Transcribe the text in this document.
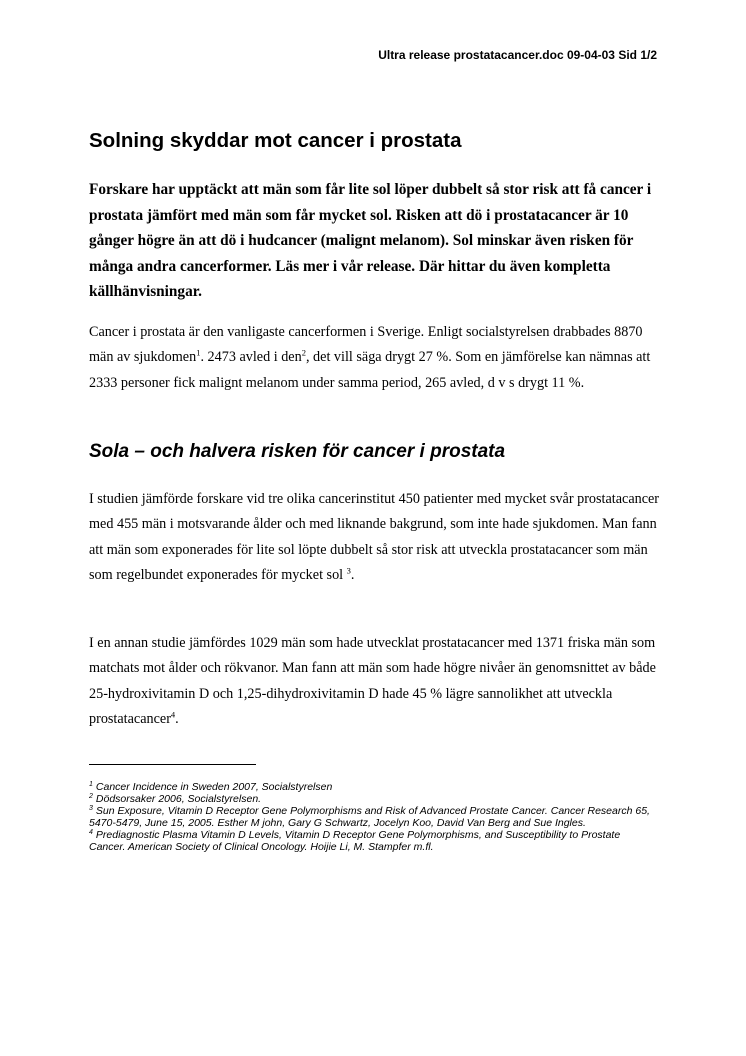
Ultra release prostatacancer.doc 09-04-03 Sid 1/2
Solning skyddar mot cancer i prostata

Forskare har upptäckt att män som får lite sol löper dubbelt så stor risk att få cancer i prostata jämfört med män som får mycket sol. Risken att dö i prostatacancer är 10 gånger högre än att dö i hudcancer (malignt melanom). Sol minskar även risken för många andra cancerformer. Läs mer i vår release. Där hittar du även kompletta källhänvisningar.

Cancer i prostata är den vanligaste cancerformen i Sverige. Enligt socialstyrelsen drabbades 8870 män av sjukdomen$^1$. 2473 avled i den$^2$, det vill säga drygt 27 %. Som en jämförelse kan nämnas att 2333 personer fick malignt melanom under samma period, 265 avled, d v s drygt 11 %.

Sola – och halvera risken för cancer i prostata

I studien jämförde forskare vid tre olika cancerinstitut 450 patienter med mycket svår prostatacancer med 455 män i motsvarande ålder och med liknande bakgrund, som inte hade sjukdomen. Man fann att män som exponerades för lite sol löpte dubbelt så stor risk att utveckla prostatacancer som män som regelbundet exponerades för mycket sol $^3$.

I en annan studie jämfördes 1029 män som hade utvecklat prostatacancer med 1371 friska män som matchats mot ålder och rökvanor. Man fann att män som hade högre nivåer än genomsnittet av både 25-hydroxivitamin D och 1,25-dihydroxivitamin D hade 45 % lägre sannolikhet att utveckla prostatacancer$^4$.

$^1$ Cancer Incidence in Sweden 2007, Socialstyrelsen
$^2$ Dödsorsaker 2006, Socialstyrelsen.
$^3$ Sun Exposure, Vitamin D Receptor Gene Polymorphisms and Risk of Advanced Prostate Cancer. Cancer Research 65, 5470-5479, June 15, 2005. Esther M john, Gary G Schwartz, Jocelyn Koo, David Van Berg and Sue Ingles.
$^4$ Prediagnostic Plasma Vitamin D Levels, Vitamin D Receptor Gene Polymorphisms, and Susceptibility to Prostate Cancer. American Society of Clinical Oncology. Hoijie Li, M. Stampfer m.fl.
